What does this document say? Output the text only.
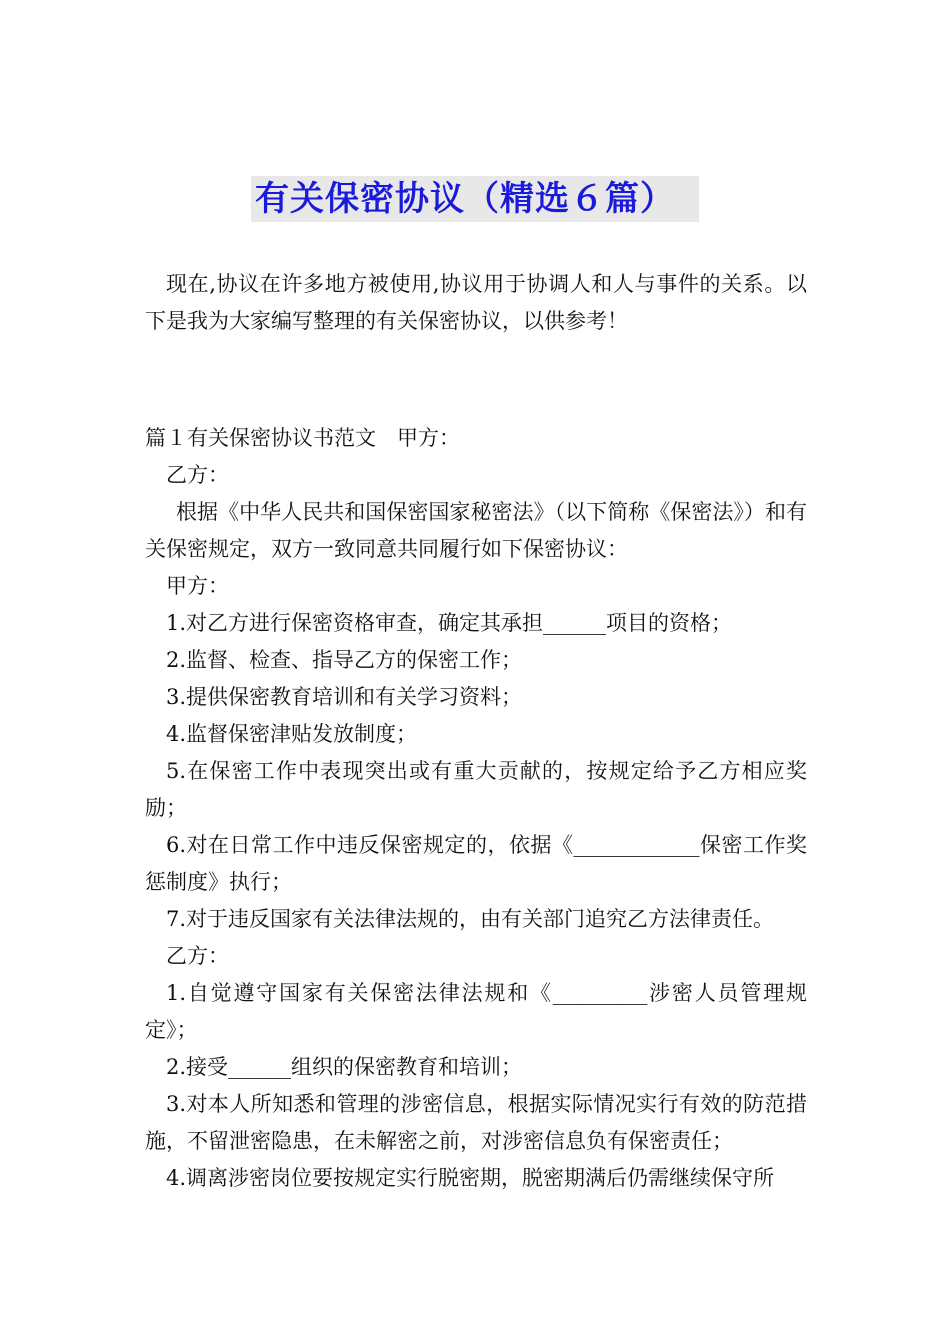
有关保密协议（精选６篇）

现在,协议在许多地方被使用,协议用于协调人和人与事件的关系。以下是我为大家编写整理的有关保密协议，以供参考！

篇１有关保密协议书范文　甲方：

乙方：

根据《中华人民共和国保密国家秘密法》（以下简称《保密法》）和有关保密规定，双方一致同意共同履行如下保密协议：

甲方：

1.对乙方进行保密资格审查，确定其承担______项目的资格；

2.监督、检查、指导乙方的保密工作；

3.提供保密教育培训和有关学习资料；

4.监督保密津贴发放制度；

5.在保密工作中表现突出或有重大贡献的，按规定给予乙方相应奖励；

6.对在日常工作中违反保密规定的，依据《____________保密工作奖惩制度》执行；

7.对于违反国家有关法律法规的，由有关部门追究乙方法律责任。

乙方：

1.自觉遵守国家有关保密法律法规和《_________涉密人员管理规定》；

2.接受______组织的保密教育和培训；

3.对本人所知悉和管理的涉密信息，根据实际情况实行有效的防范措施，不留泄密隐患，在未解密之前，对涉密信息负有保密责任；

4.调离涉密岗位要按规定实行脱密期，脱密期满后仍需继续保守所
